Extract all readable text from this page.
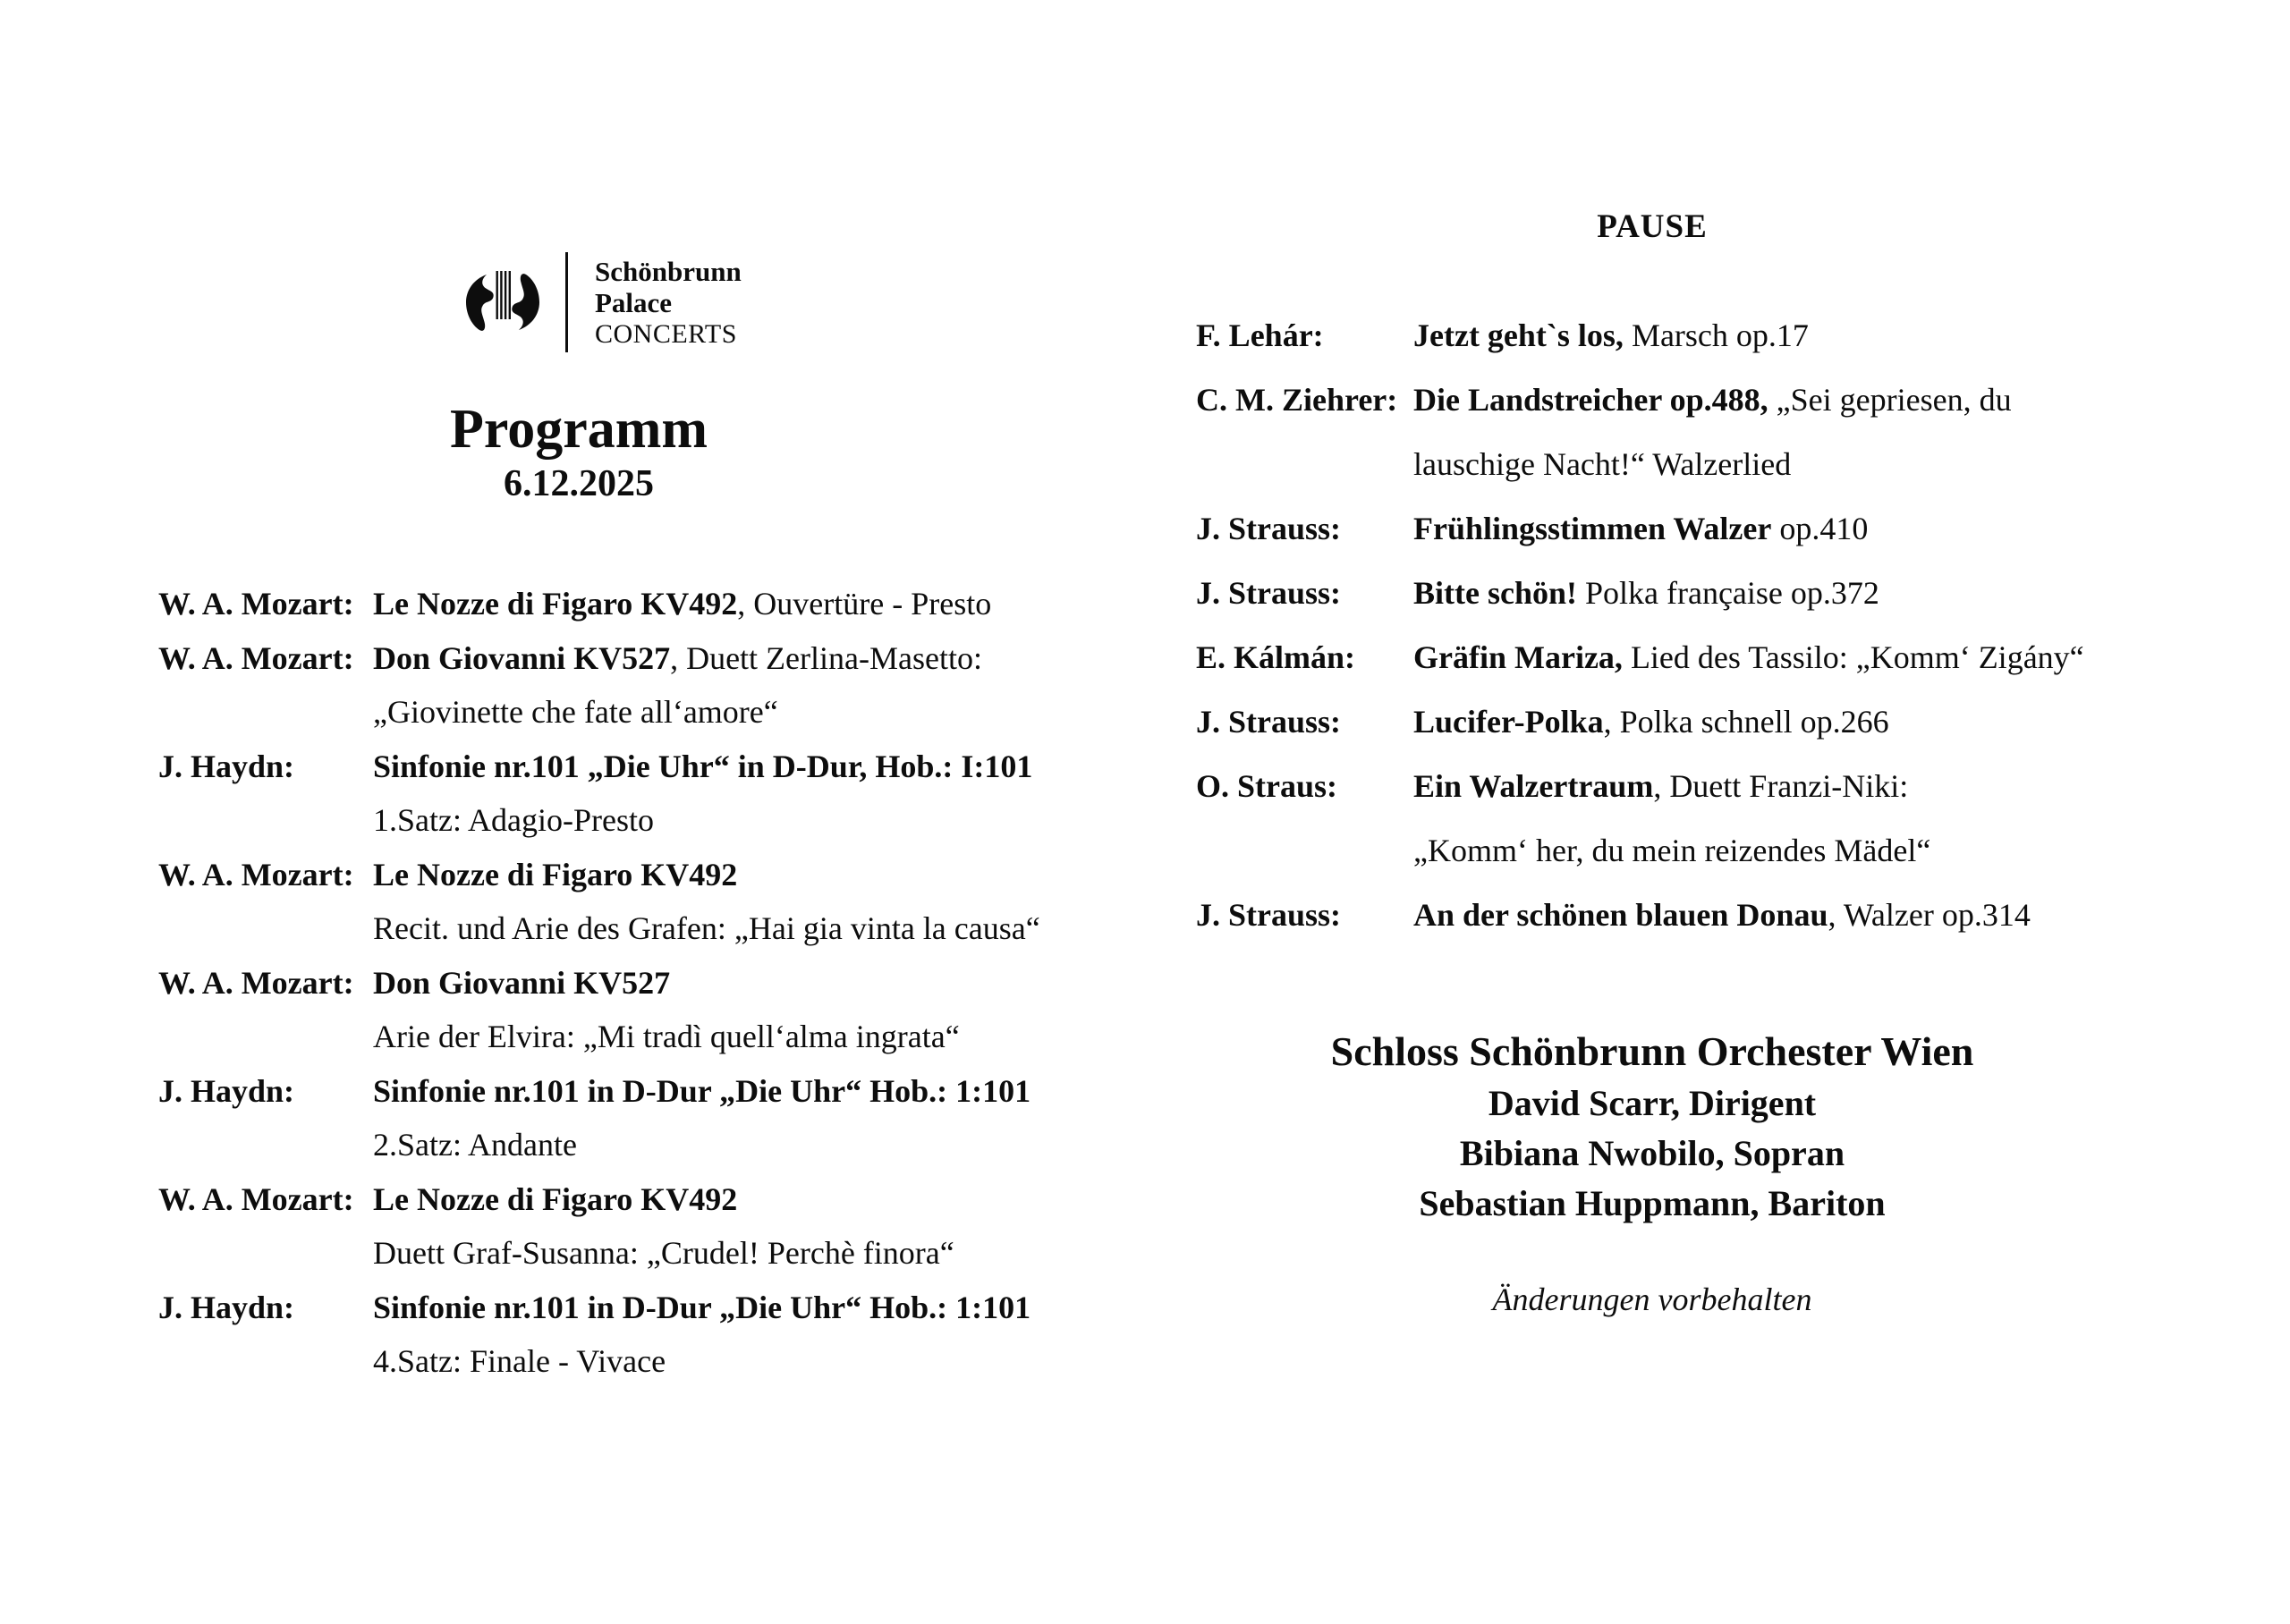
Schönbrunn
Palace
CONCERTS
Programm
6.12.2025
W. A. Mozart: Le Nozze di Figaro KV492, Ouvertüre - Presto
W. A. Mozart: Don Giovanni KV527, Duett Zerlina-Masetto:
„Giovinette che fate all‘amore“
J. Haydn:	Sinfonie nr.101 „Die Uhr“ in D-Dur, Hob.: I:101
1.Satz: Adagio-Presto
W. A. Mozart: Le Nozze di Figaro KV492
Recit. und Arie des Grafen: „Hai gia vinta la causa“
W. A. Mozart: Don Giovanni KV527
Arie der Elvira: „Mi tradì quell‘alma ingrata“
J. Haydn:	Sinfonie nr.101 in D-Dur „Die Uhr“ Hob.: 1:101
2.Satz: Andante
W. A. Mozart: Le Nozze di Figaro KV492
Duett Graf-Susanna: „Crudel! Perchè finora“
J. Haydn:	Sinfonie nr.101 in D-Dur „Die Uhr“ Hob.: 1:101
4.Satz: Finale - Vivace
PAUSE
F. Lehár:	Jetzt geht`s los, Marsch op.17
C. M. Ziehrer: Die Landstreicher op.488, „Sei gepriesen, du
lauschige Nacht!“ Walzerlied
J. Strauss:	Frühlingsstimmen Walzer op.410
J. Strauss:	Bitte schön! Polka française op.372
E. Kálmán:	Gräfin Mariza, Lied des Tassilo: „Komm‘ Zigány“
J. Strauss:	Lucifer-Polka, Polka schnell op.266
O. Straus:	Ein Walzertraum, Duett Franzi-Niki:
„Komm‘ her, du mein reizendes Mädel“
J. Strauss:	An der schönen blauen Donau, Walzer op.314
Schloss Schönbrunn Orchester Wien
David Scarr, Dirigent
Bibiana Nwobilo, Sopran
Sebastian Huppmann, Bariton
Änderungen vorbehalten
